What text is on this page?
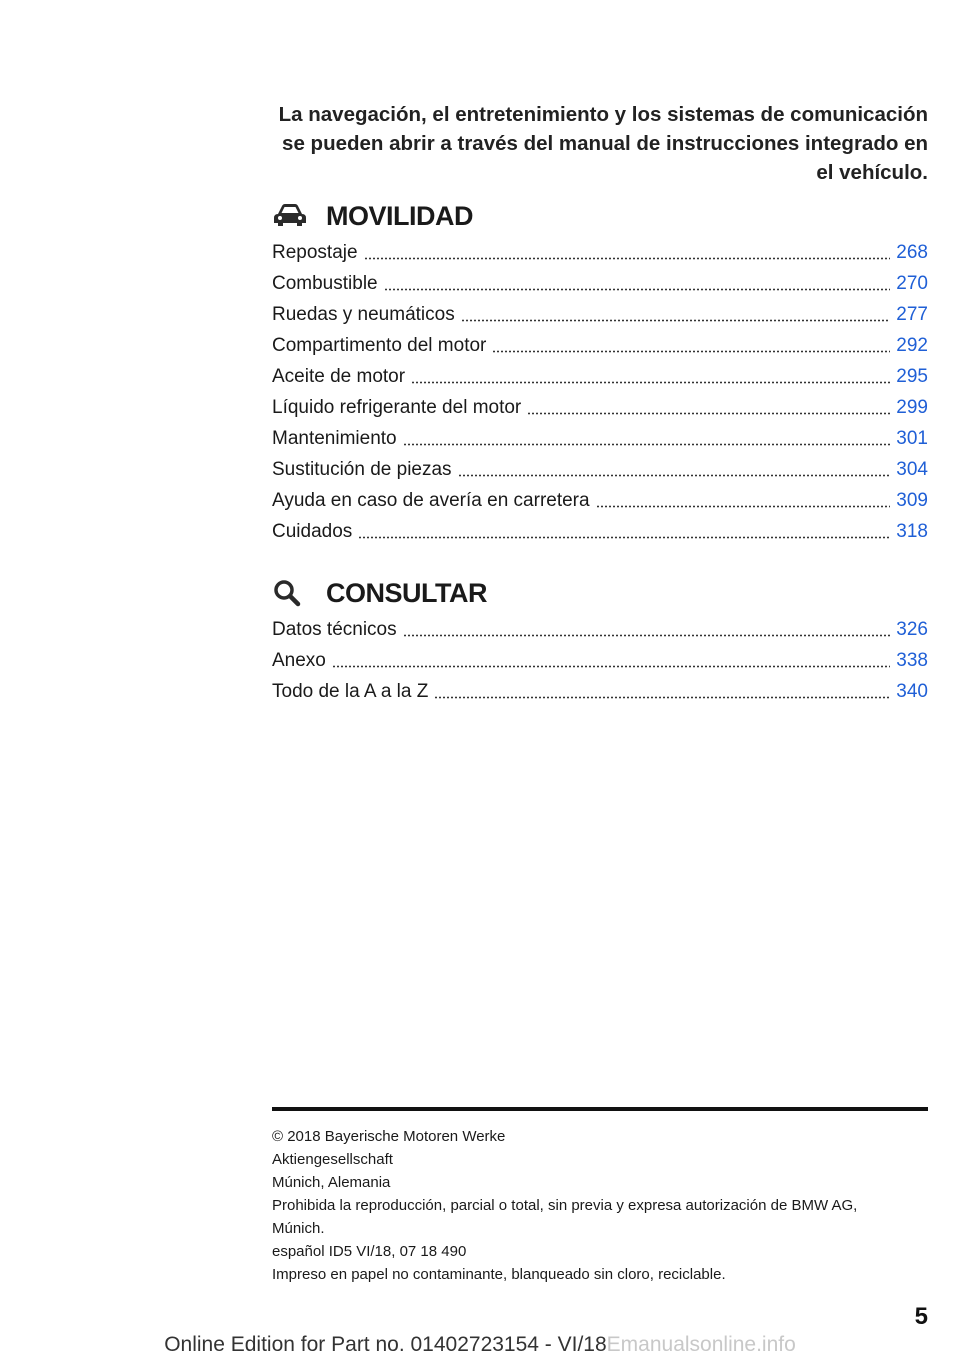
La navegación, el entretenimiento y los sistemas de comunicación se pueden abrir a través del manual de instrucciones integrado en el vehículo.
MOVILIDAD
Repostaje	268
Combustible	270
Ruedas y neumáticos	277
Compartimento del motor	292
Aceite de motor	295
Líquido refrigerante del motor	299
Mantenimiento	301
Sustitución de piezas	304
Ayuda en caso de avería en carretera	309
Cuidados	318
CONSULTAR
Datos técnicos	326
Anexo	338
Todo de la A a la Z	340
© 2018 Bayerische Motoren Werke
Aktiengesellschaft
Múnich, Alemania
Prohibida la reproducción, parcial o total, sin previa y expresa autorización de BMW AG,
Múnich.
español ID5 VI/18, 07 18 490
Impreso en papel no contaminante, blanqueado sin cloro, reciclable.
5
Online Edition for Part no. 01402723154 - VI/18Emanualsonline.info
